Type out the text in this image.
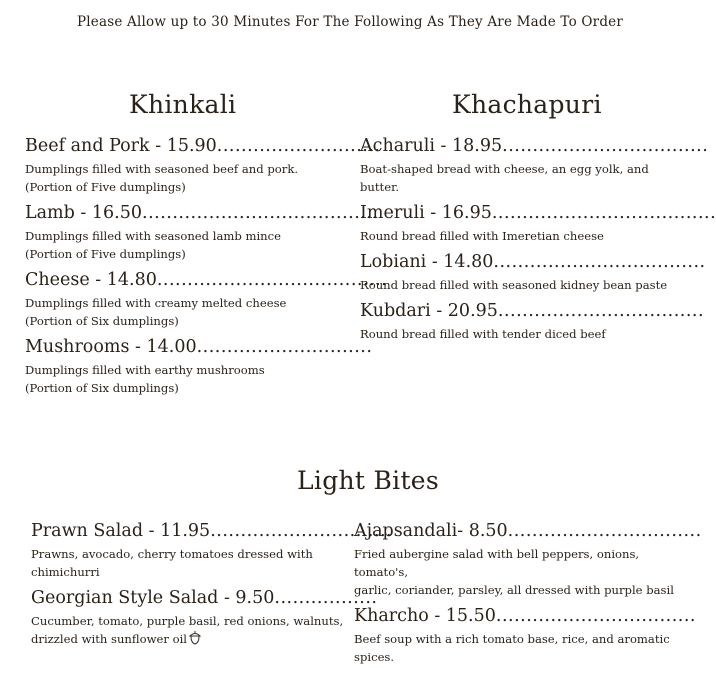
Please Allow up to 30 Minutes For The Following As They Are Made To Order
Khinkali	Khachapuri
Light Bites
Beef and Pork - 15.90...........................
Dumplings filled with seasoned beef and pork.
(Portion of Five dumplings)
Lamb - 16.50.......................................
Dumplings filled with seasoned lamb mince
(Portion of Five dumplings)
Cheese - 14.80......................................
Dumplings filled with creamy melted cheese
(Portion of Six dumplings)
Mushrooms - 14.00.............................
Dumplings filled with earthy mushrooms
(Portion of Six dumplings)
Acharuli - 18.95..................................
Boat-shaped bread with cheese, an egg yolk, and butter.
Imeruli - 16.95.....................................
Round bread filled with Imeretian cheese
Lobiani - 14.80...................................
Round bread filled with seasoned kidney bean paste
Kubdari - 20.95..................................
Round bread filled with tender diced beef
Prawn Salad - 11.95..............................
Prawns, avocado, cherry tomatoes dressed with chimichurri
Georgian Style Salad - 9.50.................
Cucumber, tomato, purple basil, red onions, walnuts,
drizzled with sunflower oil
Ajapsandali- 8.50................................
Fried aubergine salad with bell peppers, onions, tomato's,
garlic, coriander, parsley, all dressed with purple basil
Kharcho - 15.50.................................
Beef soup with a rich tomato base, rice, and aromatic
spices.
